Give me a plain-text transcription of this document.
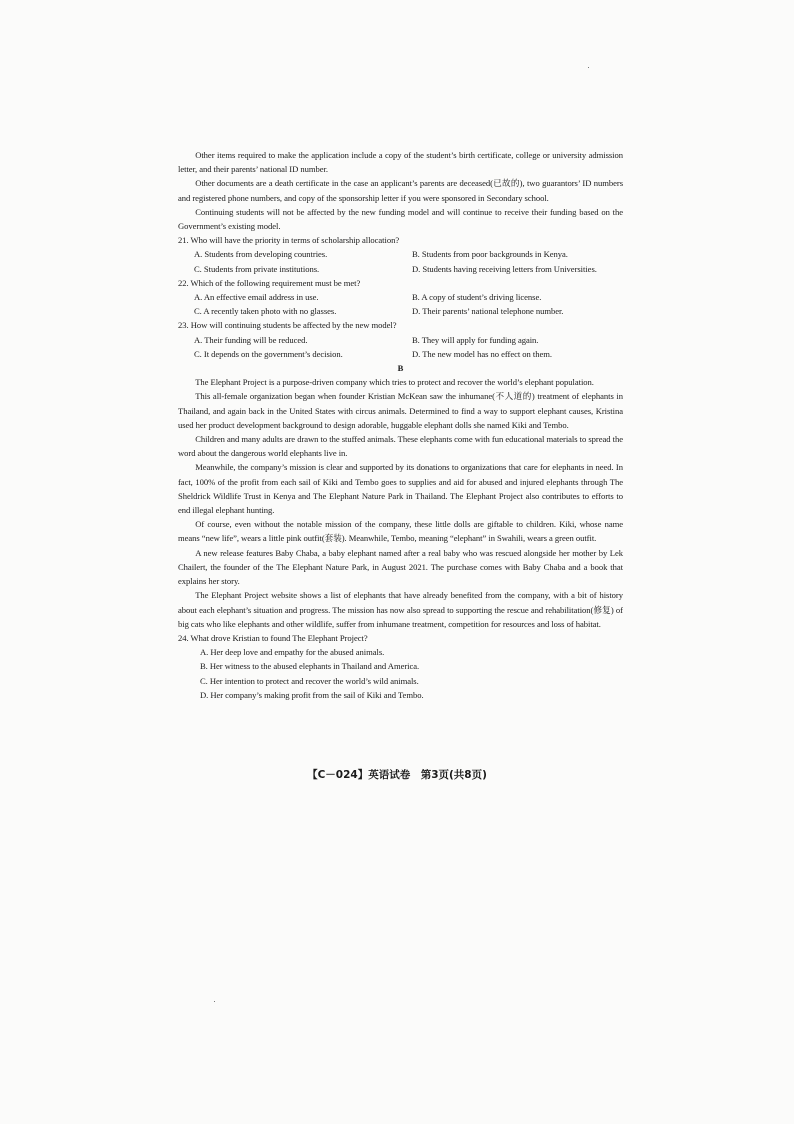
Other items required to make the application include a copy of the student’s birth certificate, college or university admission letter, and their parents’ national ID number.

Other documents are a death certificate in the case an applicant’s parents are deceased(已故的), two guarantors’ ID numbers and registered phone numbers, and copy of the sponsorship letter if you were sponsored in Secondary school.

Continuing students will not be affected by the new funding model and will continue to receive their funding based on the Government’s existing model.

21. Who will have the priority in terms of scholarship allocation?

A. Students from developing countries.	B. Students from poor backgrounds in Kenya.
C. Students from private institutions.	D. Students having receiving letters from Universities.

22. Which of the following requirement must be met?

A. An effective email address in use.	B. A copy of student’s driving license.
C. A recently taken photo with no glasses.	D. Their parents’ national telephone number.

23. How will continuing students be affected by the new model?

A. Their funding will be reduced.	B. They will apply for funding again.
C. It depends on the government’s decision.	D. The new model has no effect on them.

B

The Elephant Project is a purpose-driven company which tries to protect and recover the world’s elephant population.

This all-female organization began when founder Kristian McKean saw the inhumane(不人道的) treatment of elephants in Thailand, and again back in the United States with circus animals. Determined to find a way to support elephant causes, Kristina used her product development background to design adorable, huggable elephant dolls she named Kiki and Tembo.

Children and many adults are drawn to the stuffed animals. These elephants come with fun educational materials to spread the word about the dangerous world elephants live in.

Meanwhile, the company’s mission is clear and supported by its donations to organizations that care for elephants in need. In fact, 100% of the profit from each sail of Kiki and Tembo goes to supplies and aid for abused and injured elephants through The Sheldrick Wildlife Trust in Kenya and The Elephant Nature Park in Thailand. The Elephant Project also contributes to efforts to end illegal elephant hunting.

Of course, even without the notable mission of the company, these little dolls are giftable to children. Kiki, whose name means “new life”, wears a little pink outfit(套装). Meanwhile, Tembo, meaning “elephant” in Swahili, wears a green outfit.

A new release features Baby Chaba, a baby elephant named after a real baby who was rescued alongside her mother by Lek Chailert, the founder of the The Elephant Nature Park, in August 2021. The purchase comes with Baby Chaba and a book that explains her story.

The Elephant Project website shows a list of elephants that have already benefited from the company, with a bit of history about each elephant’s situation and progress. The mission has now also spread to supporting the rescue and rehabilitation(修复) of big cats who like elephants and other wildlife, suffer from inhumane treatment, competition for resources and loss of habitat.

24. What drove Kristian to found The Elephant Project?

A. Her deep love and empathy for the abused animals.

B. Her witness to the abused elephants in Thailand and America.

C. Her intention to protect and recover the world’s wild animals.

D. Her company’s making profit from the sail of Kiki and Tembo.

【C－024】英语试卷　第3页(共8页)
